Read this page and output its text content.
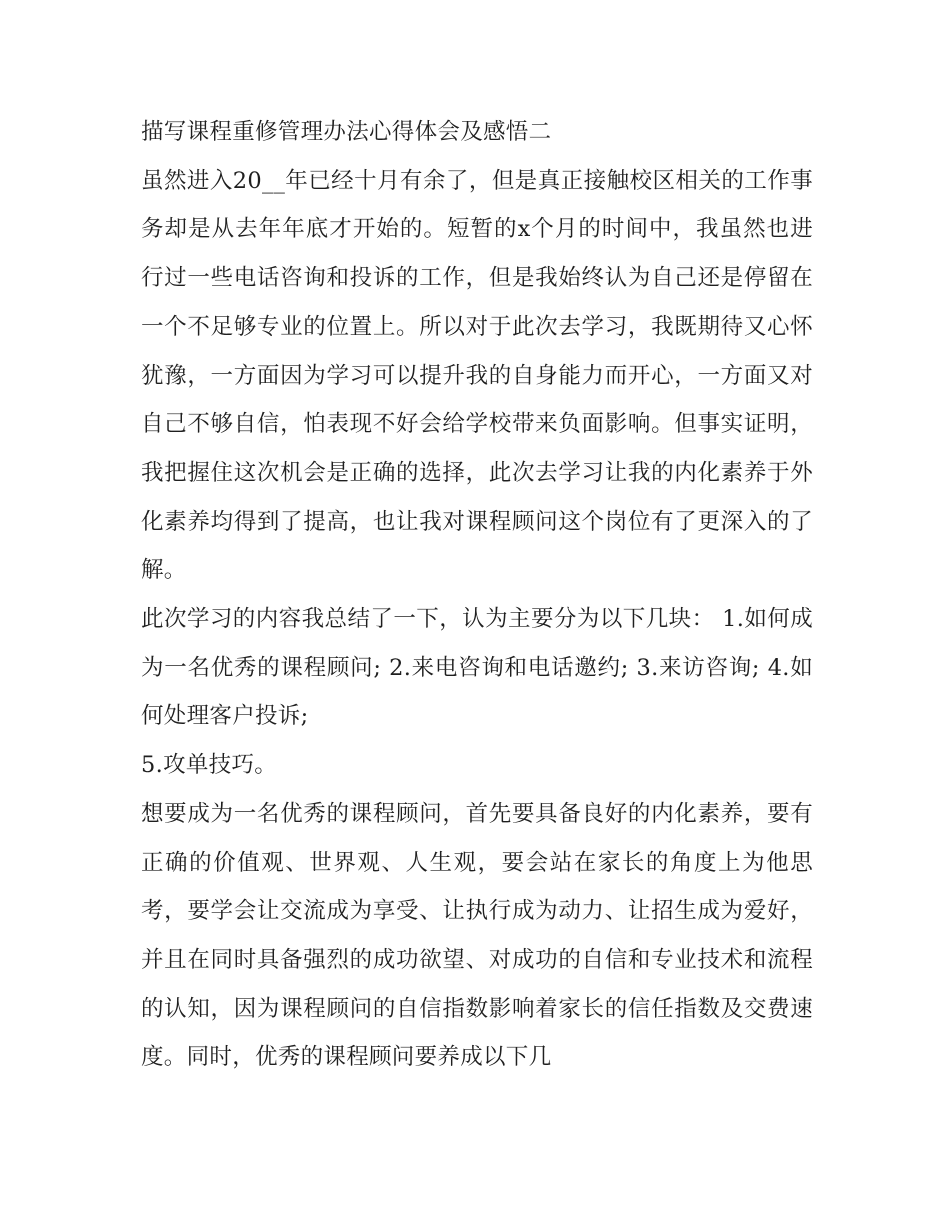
描写课程重修管理办法心得体会及感悟二

虽然进入20__年已经十月有余了，但是真正接触校区相关的工作事务却是从去年年底才开始的。短暂的x个月的时间中，我虽然也进行过一些电话咨询和投诉的工作，但是我始终认为自己还是停留在一个不足够专业的位置上。所以对于此次去学习，我既期待又心怀犹豫，一方面因为学习可以提升我的自身能力而开心，一方面又对自己不够自信，怕表现不好会给学校带来负面影响。但事实证明，我把握住这次机会是正确的选择，此次去学习让我的内化素养于外化素养均得到了提高，也让我对课程顾问这个岗位有了更深入的了解。

此次学习的内容我总结了一下，认为主要分为以下几块： 1.如何成为一名优秀的课程顾问; 2.来电咨询和电话邀约; 3.来访咨询; 4.如何处理客户投诉;

5.攻单技巧。

想要成为一名优秀的课程顾问，首先要具备良好的内化素养，要有正确的价值观、世界观、人生观，要会站在家长的角度上为他思考，要学会让交流成为享受、让执行成为动力、让招生成为爱好，并且在同时具备强烈的成功欲望、对成功的自信和专业技术和流程的认知，因为课程顾问的自信指数影响着家长的信任指数及交费速度。同时，优秀的课程顾问要养成以下几
